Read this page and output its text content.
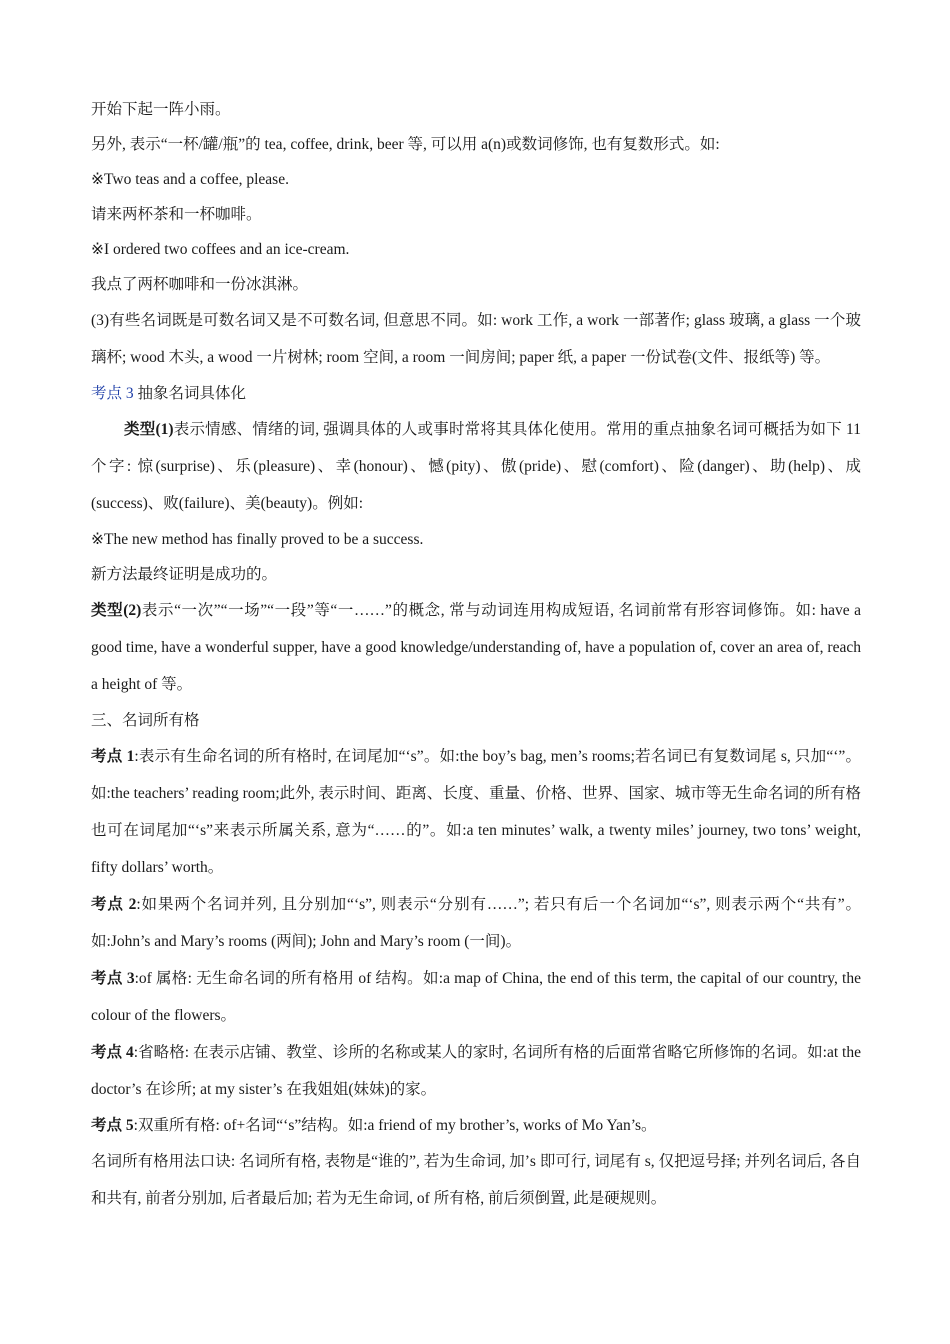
开始下起一阵小雨。

另外, 表示“一杯/罐/瓶”的 tea, coffee, drink, beer 等, 可以用 a(n)或数词修饰, 也有复数形式。如:

※Two teas and a coffee, please.

请来两杯茶和一杯咖啡。

※I ordered two coffees and an ice-cream.

我点了两杯咖啡和一份冰淇淋。

(3)有些名词既是可数名词又是不可数名词, 但意思不同。如: work 工作, a work 一部著作; glass 玻璃, a glass 一个玻璃杯; wood 木头, a wood 一片树林; room 空间, a room 一间房间; paper 纸, a paper 一份试卷(文件、报纸等) 等。

考点 3 抽象名词具体化

类型(1)表示情感、情绪的词, 强调具体的人或事时常将其具体化使用。常用的重点抽象名词可概括为如下 11 个字: 惊(surprise)、乐(pleasure)、幸(honour)、憾(pity)、傲(pride)、慰(comfort)、险(danger)、助(help)、成(success)、败(failure)、美(beauty)。例如:

※The new method has finally proved to be a success.

新方法最终证明是成功的。

类型(2)表示“一次”“一场”“一段”等“一……”的概念, 常与动词连用构成短语, 名词前常有形容词修饰。如: have a good time, have a wonderful supper, have a good knowledge/understanding of, have a population of, cover an area of, reach a height of 等。

三、名词所有格

考点 1:表示有生命名词的所有格时, 在词尾加“‘s”。如:the boy’s bag, men’s rooms;若名词已有复数词尾 s, 只加“‘”。如:the teachers’ reading room;此外, 表示时间、距离、长度、重量、价格、世界、国家、城市等无生命名词的所有格也可在词尾加“‘s”来表示所属关系, 意为“……的”。如:a ten minutes’ walk, a twenty miles’ journey, two tons’ weight, fifty dollars’ worth。

考点 2:如果两个名词并列, 且分别加“‘s”, 则表示“分别有……”; 若只有后一个名词加“‘s”, 则表示两个“共有”。如:John’s and Mary’s rooms (两间); John and Mary’s room (一间)。

考点 3:of 属格: 无生命名词的所有格用 of 结构。如:a map of China, the end of this term, the capital of our country, the colour of the flowers。

考点 4:省略格: 在表示店铺、教堂、诊所的名称或某人的家时, 名词所有格的后面常省略它所修饰的名词。如:at the doctor’s 在诊所; at my sister’s 在我姐姐(妹妹)的家。

考点 5:双重所有格: of+名词“‘s”结构。如:a friend of my brother’s, works of Mo Yan’s。

名词所有格用法口诀: 名词所有格, 表物是“谁的”, 若为生命词, 加’s 即可行, 词尾有 s, 仅把逗号择; 并列名词后, 各自和共有, 前者分别加, 后者最后加; 若为无生命词, of 所有格, 前后须倒置, 此是硬规则。
